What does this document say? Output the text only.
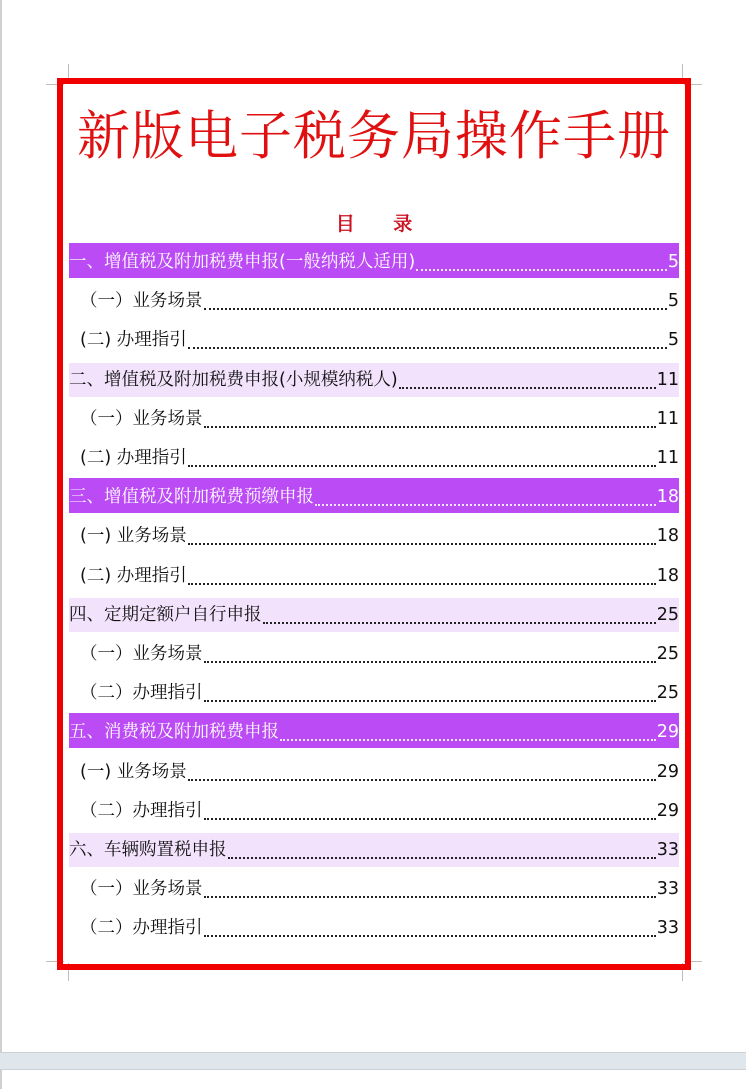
新版电子税务局操作手册
目 录
一、增值税及附加税费申报(一般纳税人适用)	5
（一）业务场景	5
(二) 办理指引	5
二、增值税及附加税费申报(小规模纳税人)	11
（一）业务场景	11
(二) 办理指引	11
三、增值税及附加税费预缴申报	18
(一) 业务场景	18
(二) 办理指引	18
四、定期定额户自行申报	25
（一）业务场景	25
（二）办理指引	25
五、消费税及附加税费申报	29
(一) 业务场景	29
（二）办理指引	29
六、车辆购置税申报	33
（一）业务场景	33
（二）办理指引	33
